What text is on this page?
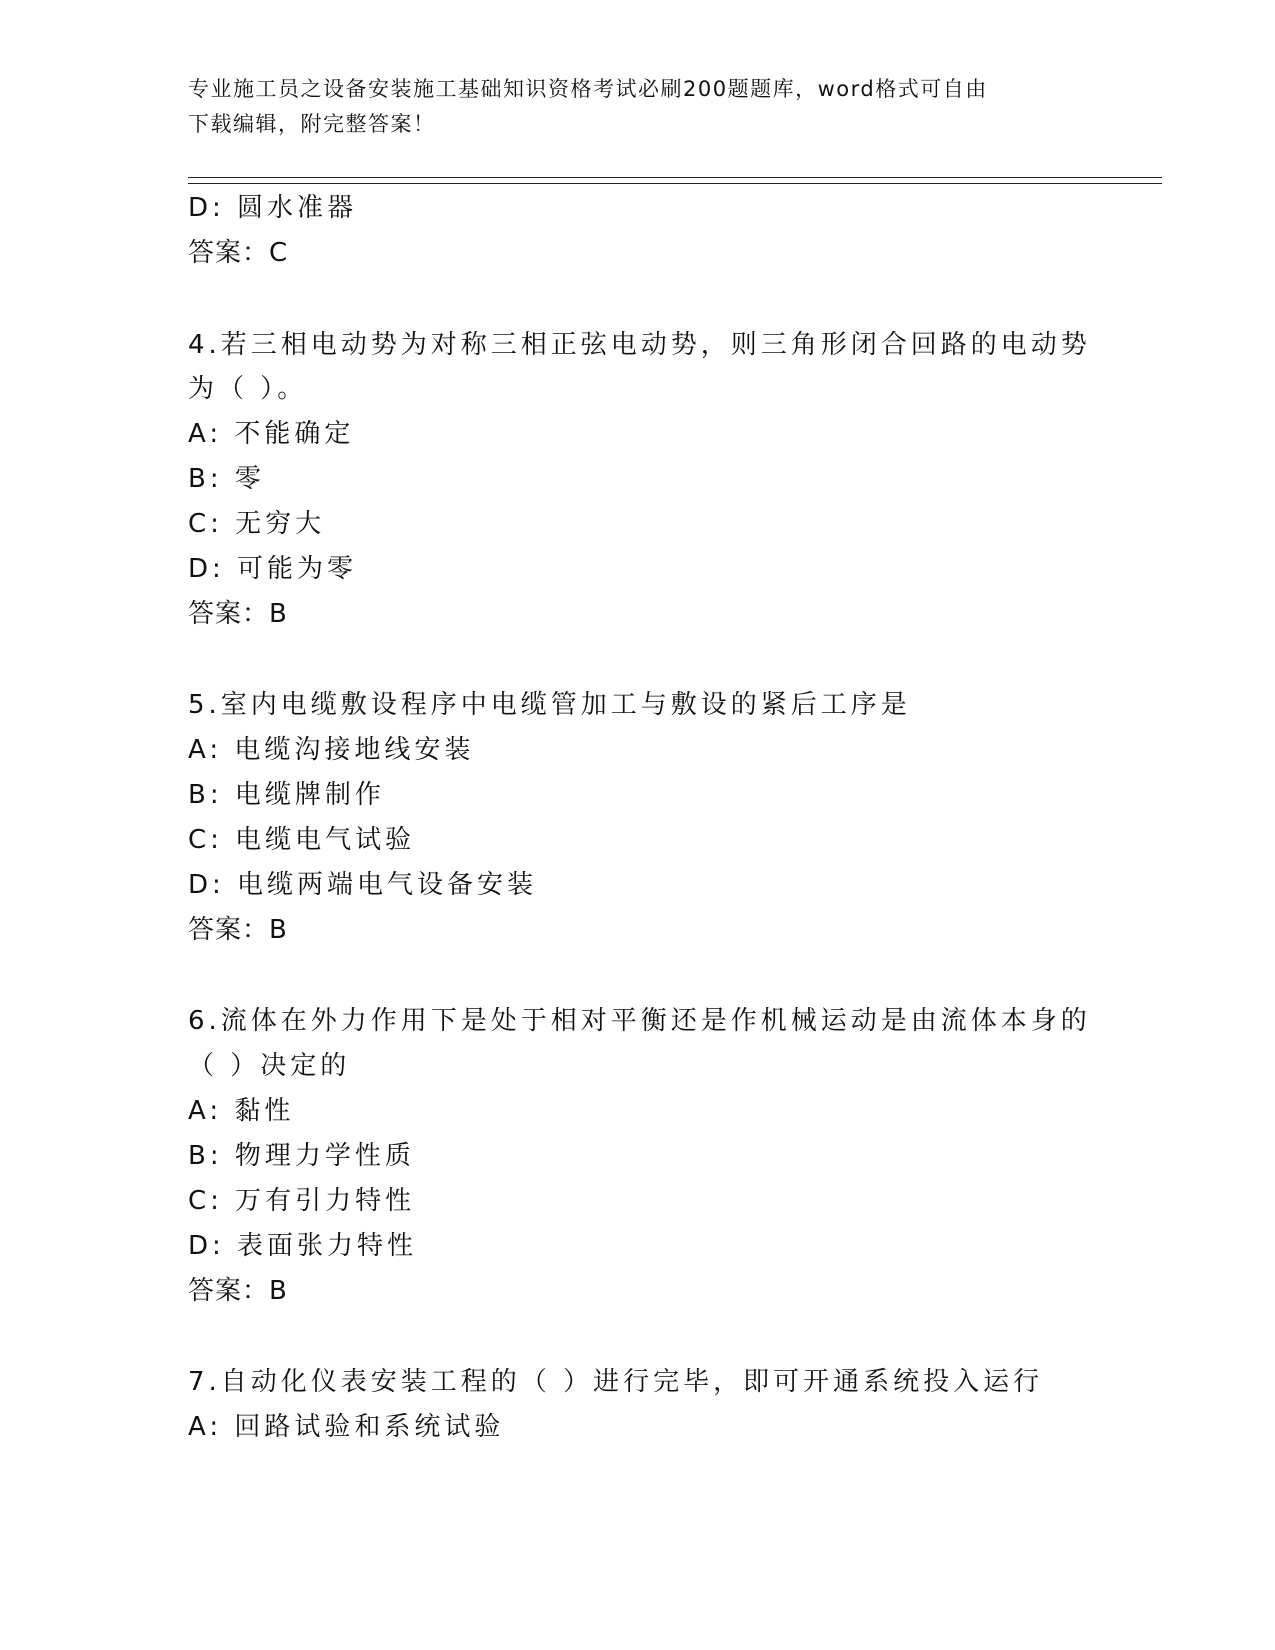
专业施工员之设备安装施工基础知识资格考试必刷200题题库，word格式可自由
下载编辑，附完整答案！
D: 圆水准器
答案：C
4.若三相电动势为对称三相正弦电动势，则三角形闭合回路的电动势
为（ ）。
A: 不能确定
B: 零
C: 无穷大
D: 可能为零
答案：B
5.室内电缆敷设程序中电缆管加工与敷设的紧后工序是
A: 电缆沟接地线安装
B: 电缆牌制作
C: 电缆电气试验
D: 电缆两端电气设备安装
答案：B
6.流体在外力作用下是处于相对平衡还是作机械运动是由流体本身的
（ ）决定的
A: 黏性
B: 物理力学性质
C: 万有引力特性
D: 表面张力特性
答案：B
7.自动化仪表安装工程的（ ）进行完毕，即可开通系统投入运行
A: 回路试验和系统试验
